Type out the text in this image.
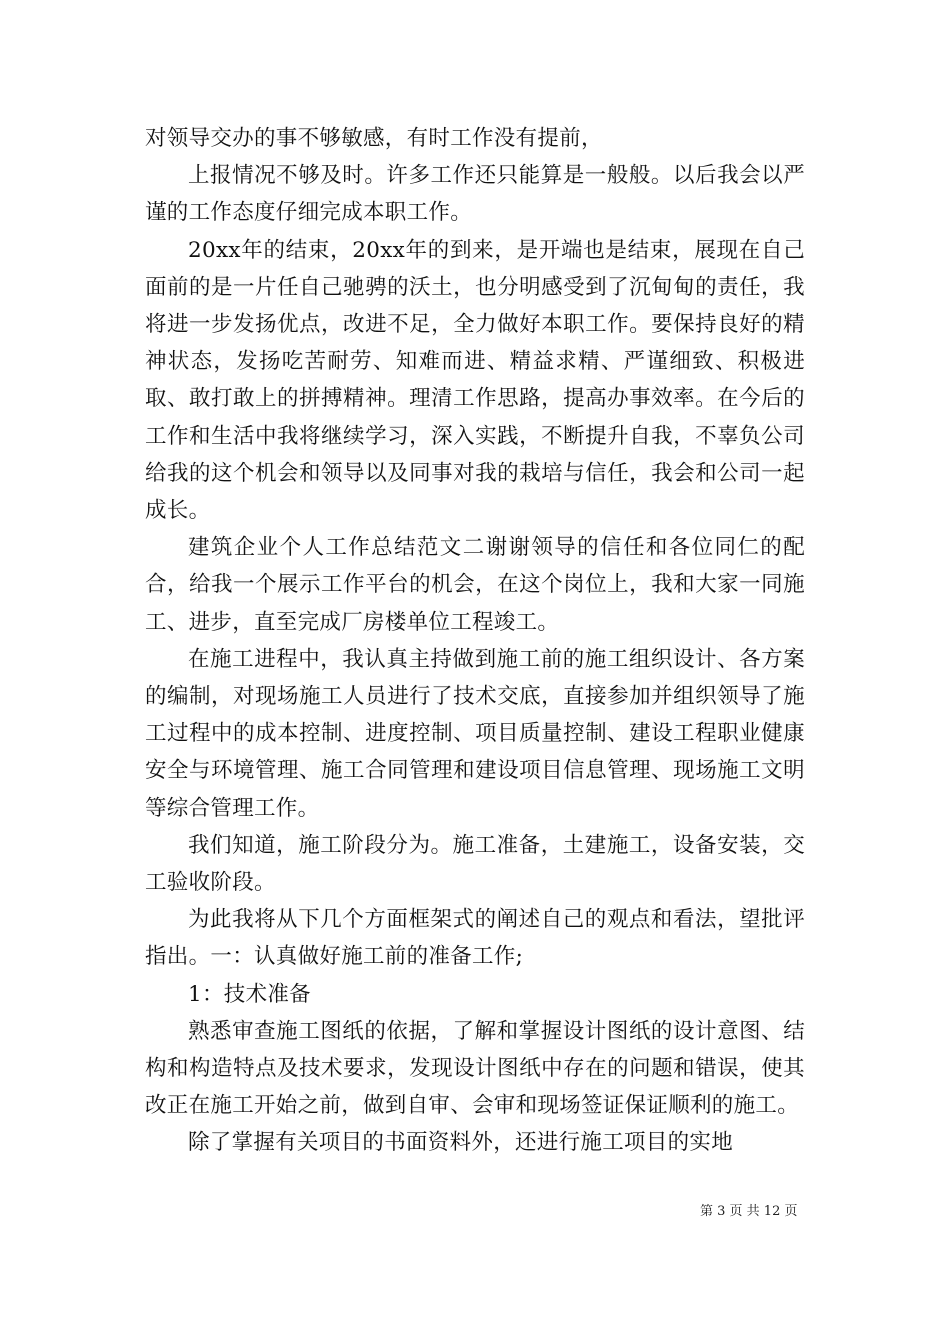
对领导交办的事不够敏感，有时工作没有提前，

上报情况不够及时。许多工作还只能算是一般般。以后我会以严谨的工作态度仔细完成本职工作。

20xx年的结束，20xx年的到来，是开端也是结束，展现在自己面前的是一片任自己驰骋的沃土，也分明感受到了沉甸甸的责任，我将进一步发扬优点，改进不足，全力做好本职工作。要保持良好的精神状态，发扬吃苦耐劳、知难而进、精益求精、严谨细致、积极进取、敢打敢上的拼搏精神。理清工作思路，提高办事效率。在今后的工作和生活中我将继续学习，深入实践，不断提升自我，不辜负公司给我的这个机会和领导以及同事对我的栽培与信任，我会和公司一起成长。

建筑企业个人工作总结范文二谢谢领导的信任和各位同仁的配合，给我一个展示工作平台的机会，在这个岗位上，我和大家一同施工、进步，直至完成厂房楼单位工程竣工。

在施工进程中，我认真主持做到施工前的施工组织设计、各方案的编制，对现场施工人员进行了技术交底，直接参加并组织领导了施工过程中的成本控制、进度控制、项目质量控制、建设工程职业健康安全与环境管理、施工合同管理和建设项目信息管理、现场施工文明等综合管理工作。

我们知道，施工阶段分为。施工准备，土建施工，设备安装，交工验收阶段。

为此我将从下几个方面框架式的阐述自己的观点和看法，望批评指出。一：认真做好施工前的准备工作;

1：技术准备

熟悉审查施工图纸的依据，了解和掌握设计图纸的设计意图、结构和构造特点及技术要求，发现设计图纸中存在的问题和错误，使其改正在施工开始之前，做到自审、会审和现场签证保证顺利的施工。

除了掌握有关项目的书面资料外，还进行施工项目的实地

第 3 页 共 12 页
